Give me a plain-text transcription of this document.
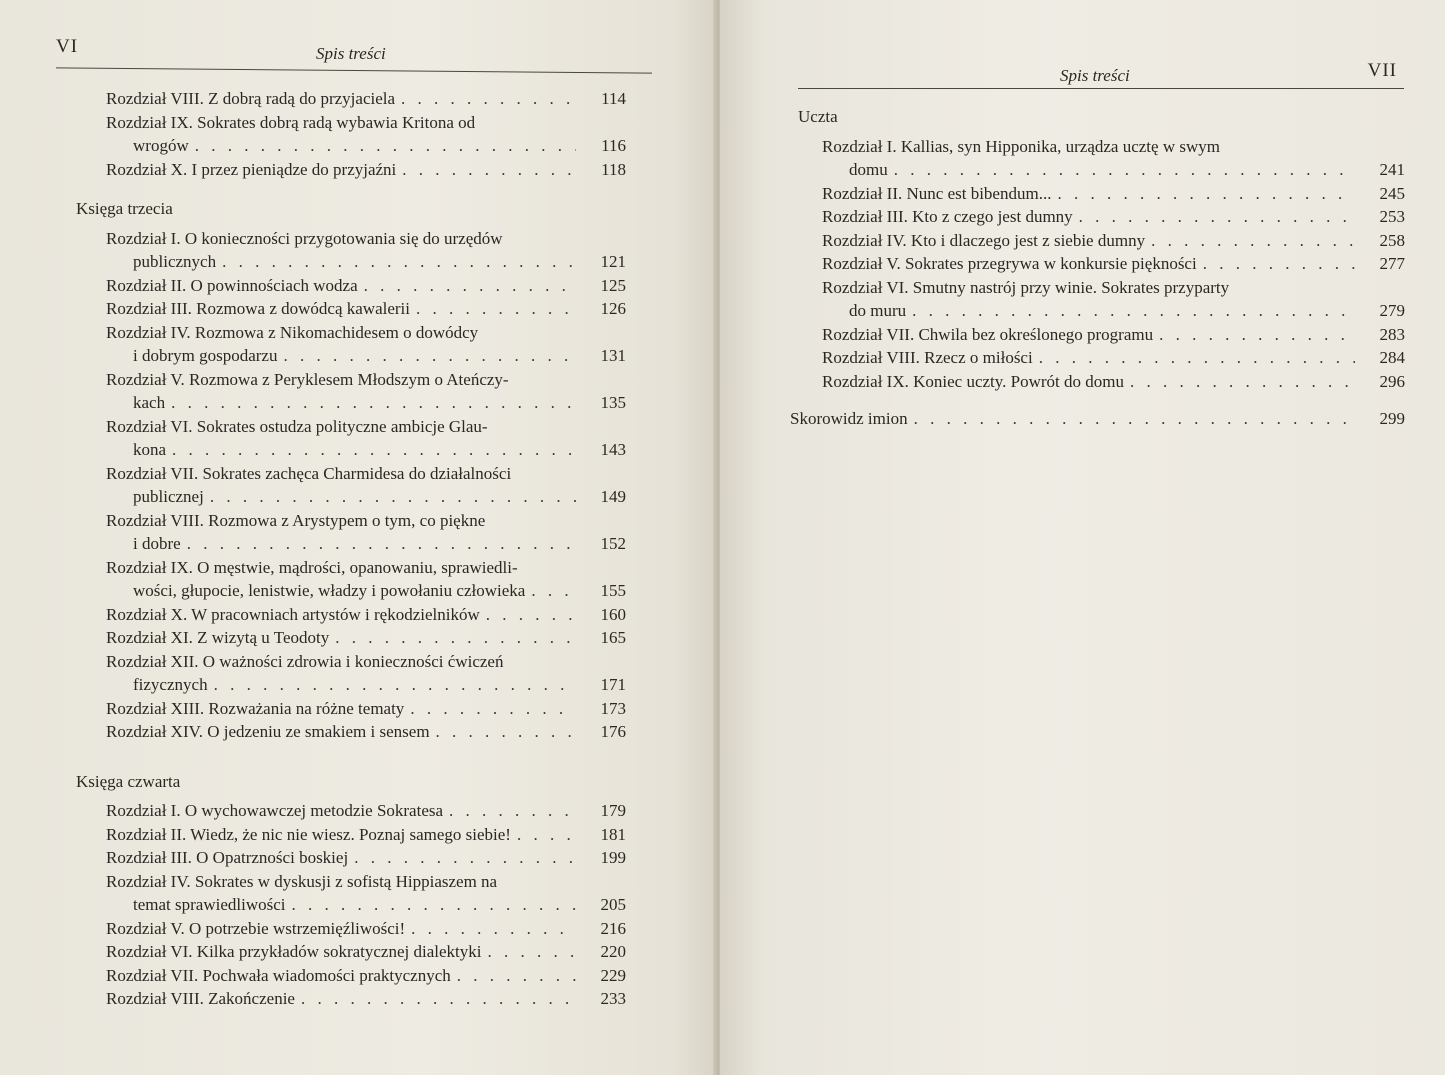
VI	Spis treści
Rozdział VIII. Z dobrą radą do przyjaciela . . .	114
Rozdział IX. Sokrates dobrą radą wybawia Kritona od
wrogów . . .	116
Rozdział X. I przez pieniądze do przyjaźni . . .	118
Księga trzecia
Rozdział I. O konieczności przygotowania się do urzędów
publicznych . . .	121
Rozdział II. O powinnościach wodza . . .	125
Rozdział III. Rozmowa z dowódcą kawalerii . . .	126
Rozdział IV. Rozmowa z Nikomachidesem o dowódcy
i dobrym gospodarzu . . .	131
Rozdział V. Rozmowa z Peryklesem Młodszym o Ateńczy-
kach . . .	135
Rozdział VI. Sokrates ostudza polityczne ambicje Glau-
kona . . .	143
Rozdział VII. Sokrates zachęca Charmidesa do działalności
publicznej . . .	149
Rozdział VIII. Rozmowa z Arystypem o tym, co piękne
i dobre . . .	152
Rozdział IX. O męstwie, mądrości, opanowaniu, sprawiedli-
wości, głupocie, lenistwie, władzy i powołaniu człowieka . . .	155
Rozdział X. W pracowniach artystów i rękodzielników . . .	160
Rozdział XI. Z wizytą u Teodoty . . .	165
Rozdział XII. O ważności zdrowia i konieczności ćwiczeń
fizycznych . . .	171
Rozdział XIII. Rozważania na różne tematy . . .	173
Rozdział XIV. O jedzeniu ze smakiem i sensem . . .	176
Księga czwarta
Rozdział I. O wychowawczej metodzie Sokratesa . . .	179
Rozdział II. Wiedz, że nic nie wiesz. Poznaj samego siebie! . . .	181
Rozdział III. O Opatrzności boskiej . . .	199
Rozdział IV. Sokrates w dyskusji z sofistą Hippiaszem na
temat sprawiedliwości . . .	205
Rozdział V. O potrzebie wstrzemięźliwości! . . .	216
Rozdział VI. Kilka przykładów sokratycznej dialektyki . . .	220
Rozdział VII. Pochwała wiadomości praktycznych . . .	229
Rozdział VIII. Zakończenie . . .	233
Spis treści	VII
Uczta
Rozdział I. Kallias, syn Hipponika, urządza ucztę w swym
domu . . .	241
Rozdział II. Nunc est bibendum... . . .	245
Rozdział III. Kto z czego jest dumny . . .	253
Rozdział IV. Kto i dlaczego jest z siebie dumny . . .	258
Rozdział V. Sokrates przegrywa w konkursie piękności . . .	277
Rozdział VI. Smutny nastrój przy winie. Sokrates przyparty
do muru . . .	279
Rozdział VII. Chwila bez określonego programu . . .	283
Rozdział VIII. Rzecz o miłości . . .	284
Rozdział IX. Koniec uczty. Powrót do domu . . .	296
Skorowidz imion . . .	299
